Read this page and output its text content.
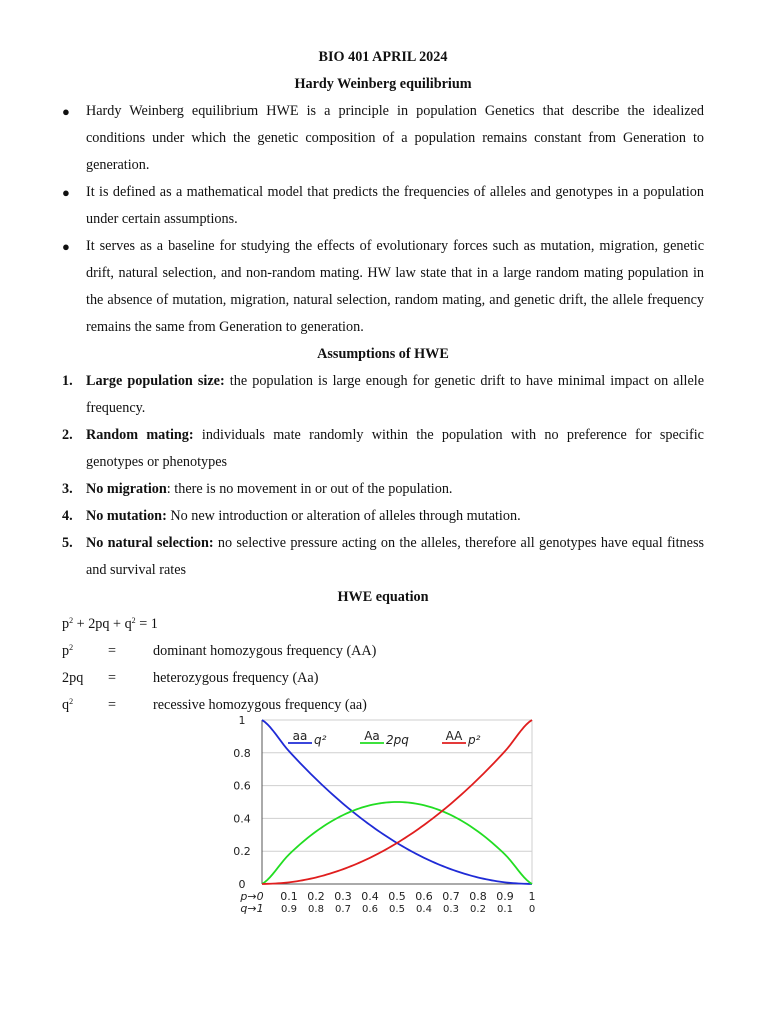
BIO 401 APRIL 2024
Hardy Weinberg equilibrium

● Hardy Weinberg equilibrium HWE is a principle in population Genetics that describe the idealized conditions under which the genetic composition of a population remains constant from Generation to generation.

● It is defined as a mathematical model that predicts the frequencies of alleles and genotypes in a population under certain assumptions.

● It serves as a baseline for studying the effects of evolutionary forces such as mutation, migration, genetic drift, natural selection, and non-random mating. HW law state that in a large random mating population in the absence of mutation, migration, natural selection, random mating, and genetic drift, the allele frequency remains the same from Generation to generation.

Assumptions of HWE

1. Large population size: the population is large enough for genetic drift to have minimal impact on allele frequency.

2. Random mating: individuals mate randomly within the population with no preference for specific genotypes or phenotypes

3. No migration: there is no movement in or out of the population.

4. No mutation: No new introduction or alteration of alleles through mutation.

5. No natural selection: no selective pressure acting on the alleles, therefore all genotypes have equal fitness and survival rates

HWE equation
$p^2 + 2pq + q^2 = 1$
$p^2$ =	dominant homozygous frequency (AA)
2pq =	heterozygous frequency (Aa)
$q^2$ =	recessive homozygous frequency (aa)
aa q²	Aa 2pq	AA p²
0
0.2
0.4
0.6
0.8
1
p→0
q→1
0.1 0.2 0.3 0.4 0.5 0.6 0.7 0.8 0.9 1
0.9 0.8 0.7 0.6 0.5 0.4 0.3 0.2 0.1 0
